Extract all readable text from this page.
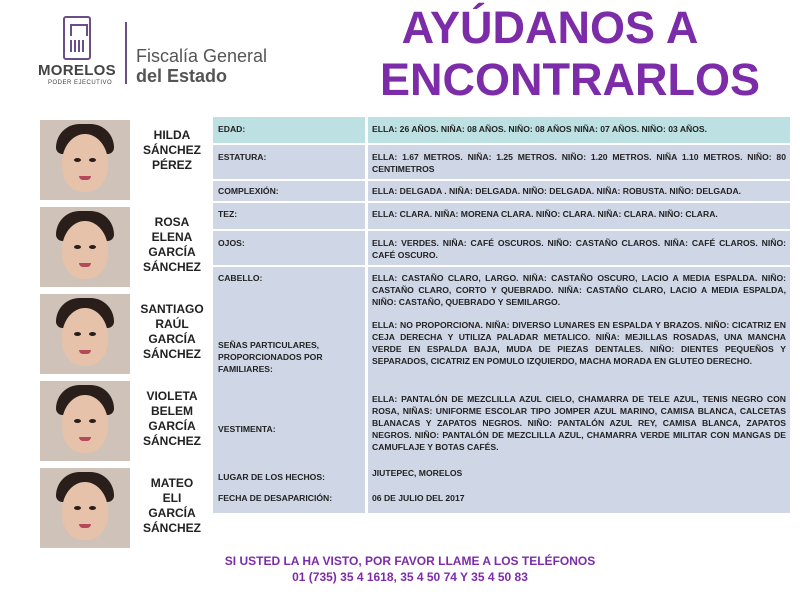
MORELOS
PODER EJECUTIVO
Fiscalía General
del Estado
AYÚDANOS A
ENCONTRARLOS
HILDA
SÁNCHEZ
PÉREZ
ROSA
ELENA
GARCÍA
SÁNCHEZ
SANTIAGO
RAÚL
GARCÍA
SÁNCHEZ
VIOLETA
BELEM
GARCÍA
SÁNCHEZ
MATEO
ELI
GARCÍA
SÁNCHEZ
EDAD:	ELLA: 26 AÑOS. NIÑA: 08 AÑOS. NIÑO: 08 AÑOS NIÑA: 07 AÑOS. NIÑO: 03 AÑOS.

ESTATURA:	ELLA: 1.67 METROS. NIÑA: 1.25 METROS. NIÑO: 1.20 METROS. NIÑA 1.10 METROS. NIÑO: 80 CENTIMETROS

COMPLEXIÓN:	ELLA: DELGADA . NIÑA: DELGADA. NIÑO: DELGADA. NIÑA: ROBUSTA. NIÑO: DELGADA.

TEZ:	ELLA: CLARA. NIÑA: MORENA CLARA. NIÑO: CLARA. NIÑA: CLARA. NIÑO: CLARA.

OJOS:	ELLA: VERDES. NIÑA: CAFÉ OSCUROS. NIÑO: CASTAÑO CLAROS. NIÑA: CAFÉ CLAROS. NIÑO: CAFÉ OSCURO.

CABELLO:	ELLA: CASTAÑO CLARO, LARGO. NIÑA: CASTAÑO OSCURO, LACIO A MEDIA ESPALDA. NIÑO: CASTAÑO CLARO, CORTO Y QUEBRADO. NIÑA: CASTAÑO CLARO, LACIO A MEDIA ESPALDA, NIÑO: CASTAÑO, QUEBRADO Y SEMILARGO.

SEÑAS PARTICULARES, PROPORCIONADOS POR FAMILIARES:

ELLA: NO PROPORCIONA. NIÑA: DIVERSO LUNARES EN ESPALDA Y BRAZOS. NIÑO: CICATRIZ EN CEJA DERECHA Y UTILIZA PALADAR METALICO. NIÑA: MEJILLAS ROSADAS, UNA MANCHA VERDE EN ESPALDA BAJA, MUDA DE PIEZAS DENTALES. NIÑO: DIENTES PEQUEÑOS Y SEPARADOS, CICATRIZ EN POMULO IZQUIERDO, MACHA MORADA EN GLUTEO DERECHO.

VESTIMENTA:

ELLA: PANTALÓN DE MEZCLILLA AZUL CIELO, CHAMARRA DE TELE AZUL, TENIS NEGRO CON ROSA, NIÑAS: UNIFORME ESCOLAR TIPO JOMPER AZUL MARINO, CAMISA BLANCA, CALCETAS BLANACAS Y ZAPATOS NEGROS. NIÑO: PANTALÓN AZUL REY, CAMISA BLANCA, ZAPATOS NEGROS. NIÑO: PANTALÓN DE MEZCLILLA AZUL, CHAMARRA VERDE MILITAR CON MANGAS DE CAMUFLAJE Y BOTAS CAFÉS.

LUGAR DE LOS HECHOS:	JIUTEPEC, MORELOS

FECHA DE DESAPARICIÓN:	06 DE JULIO DEL 2017

SI USTED LA HA VISTO, POR FAVOR LLAME A LOS TELÉFONOS
01 (735) 35 4 1618, 35 4 50 74 Y 35 4 50 83
